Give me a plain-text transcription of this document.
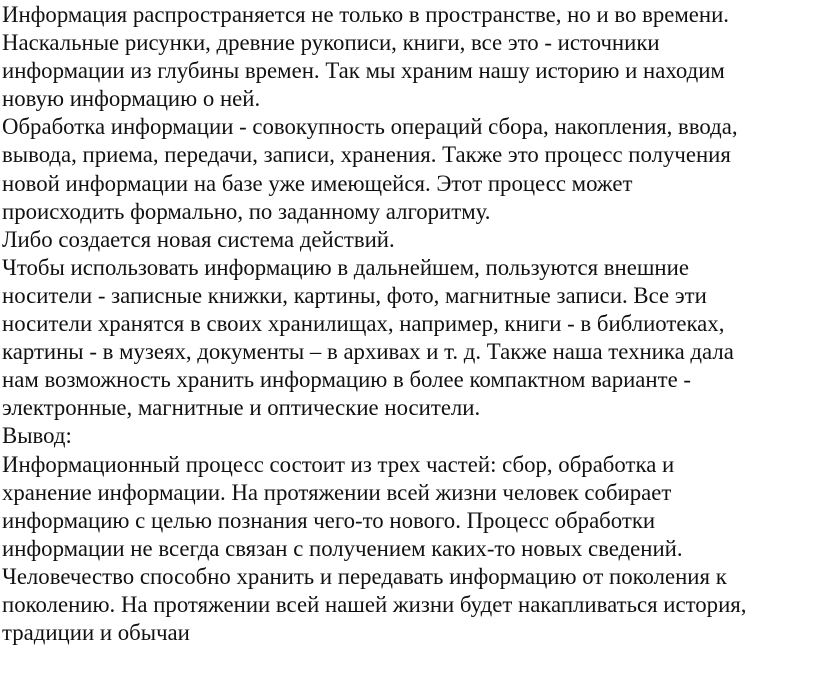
Информация распространяется не только в пространстве, но и во времени.

Наскальные рисунки, древние рукописи, книги, все это - источники

информации из глубины времен. Так мы храним нашу историю и находим

новую информацию о ней.

Обработка информации - совокупность операций сбора, накопления, ввода,

вывода, приема, передачи, записи, хранения. Также это процесс получения

новой информации на базе уже имеющейся. Этот процесс может

происходить формально, по заданному алгоритму.

Либо создается новая система действий.

Чтобы использовать информацию в дальнейшем, пользуются внешние

носители - записные книжки, картины, фото, магнитные записи. Все эти

носители хранятся в своих хранилищах, например, книги - в библиотеках,

картины - в музеях, документы – в архивах и т. д. Также наша техника дала

нам возможность хранить информацию в более компактном варианте -

электронные, магнитные и оптические носители.

Вывод:

Информационный процесс состоит из трех частей: сбор, обработка и

хранение информации. На протяжении всей жизни человек собирает

информацию с целью познания чего-то нового. Процесс обработки

информации не всегда связан с получением каких-то новых сведений.

Человечество способно хранить и передавать информацию от поколения к

поколению. На протяжении всей нашей жизни будет накапливаться история,

традиции и обычаи
